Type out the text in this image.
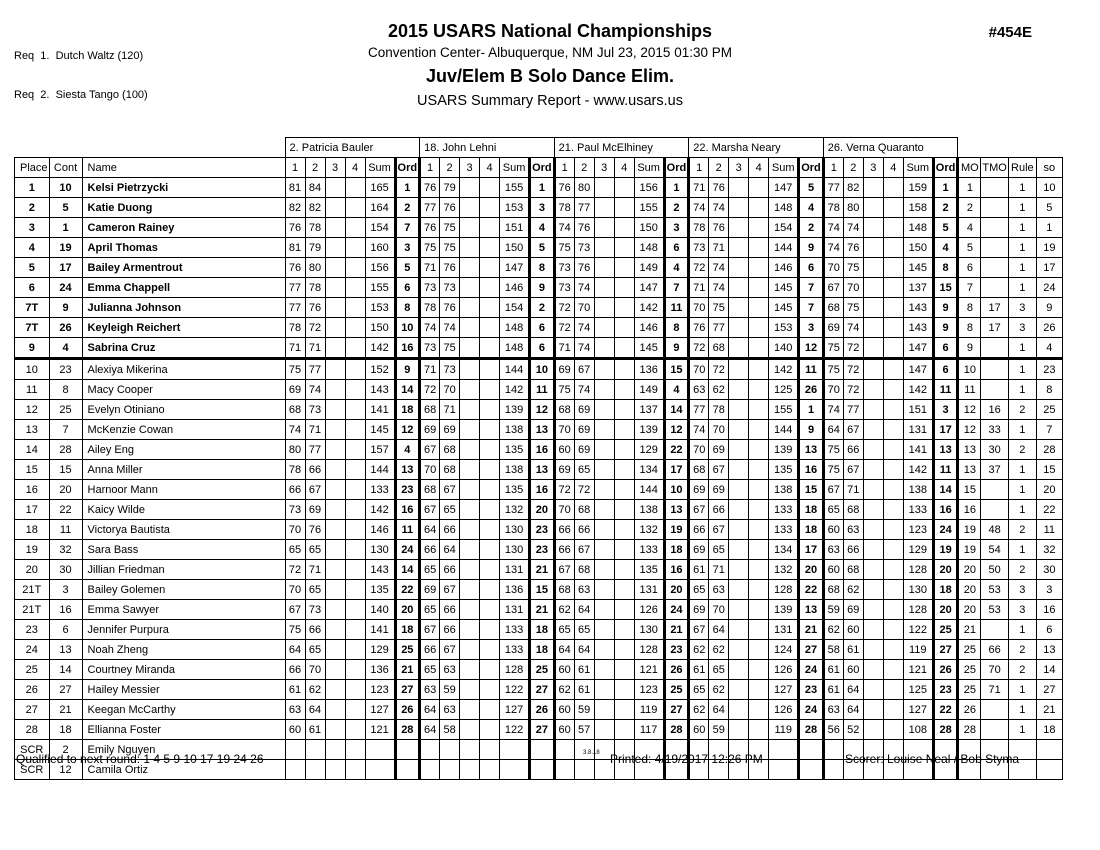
Req  1.  Dutch Waltz (120)

Req  2.  Siesta Tango (100)

2015 USARS National Championships
Convention Center- Albuquerque, NM Jul 23, 2015 01:30 PM
Juv/Elem B Solo Dance Elim.
USARS Summary Report - www.usars.us
#454E
			2. Patricia Bauler						18. John Lehni						21. Paul McElhiney						22. Marsha Neary						26. Verna Quaranto									
Place	Cont	Name	1	2	3	4	Sum	Ord	1	2	3	4	Sum	Ord	1	2	3	4	Sum	Ord	1	2	3	4	Sum	Ord	1	2	3	4	Sum	Ord	MO	TMO	Rule	so
1	10	Kelsi Pietrzycki	81	84			165	1	76	79			155	1	76	80			156	1	71	76			147	5	77	82			159	1	1		1	10
2	5	Katie Duong	82	82			164	2	77	76			153	3	78	77			155	2	74	74			148	4	78	80			158	2	2		1	5
3	1	Cameron Rainey	76	78			154	7	76	75			151	4	74	76			150	3	78	76			154	2	74	74			148	5	4		1	1
4	19	April Thomas	81	79			160	3	75	75			150	5	75	73			148	6	73	71			144	9	74	76			150	4	5		1	19
5	17	Bailey Armentrout	76	80			156	5	71	76			147	8	73	76			149	4	72	74			146	6	70	75			145	8	6		1	17
6	24	Emma Chappell	77	78			155	6	73	73			146	9	73	74			147	7	71	74			145	7	67	70			137	15	7		1	24
7T	9	Julianna Johnson	77	76			153	8	78	76			154	2	72	70			142	11	70	75			145	7	68	75			143	9	8	17	3	9
7T	26	Keyleigh Reichert	78	72			150	10	74	74			148	6	72	74			146	8	76	77			153	3	69	74			143	9	8	17	3	26
9	4	Sabrina Cruz	71	71			142	16	73	75			148	6	71	74			145	9	72	68			140	12	75	72			147	6	9		1	4
10	23	Alexiya Mikerina	75	77			152	9	71	73			144	10	69	67			136	15	70	72			142	11	75	72			147	6	10		1	23
11	8	Macy Cooper	69	74			143	14	72	70			142	11	75	74			149	4	63	62			125	26	70	72			142	11	11		1	8
12	25	Evelyn Otiniano	68	73			141	18	68	71			139	12	68	69			137	14	77	78			155	1	74	77			151	3	12	16	2	25
13	7	McKenzie Cowan	74	71			145	12	69	69			138	13	70	69			139	12	74	70			144	9	64	67			131	17	12	33	1	7
14	28	Ailey Eng	80	77			157	4	67	68			135	16	60	69			129	22	70	69			139	13	75	66			141	13	13	30	2	28
15	15	Anna Miller	78	66			144	13	70	68			138	13	69	65			134	17	68	67			135	16	75	67			142	11	13	37	1	15
16	20	Harnoor Mann	66	67			133	23	68	67			135	16	72	72			144	10	69	69			138	15	67	71			138	14	15		1	20
17	22	Kaicy Wilde	73	69			142	16	67	65			132	20	70	68			138	13	67	66			133	18	65	68			133	16	16		1	22
18	11	Victorya Bautista	70	76			146	11	64	66			130	23	66	66			132	19	66	67			133	18	60	63			123	24	19	48	2	11
19	32	Sara Bass	65	65			130	24	66	64			130	23	66	67			133	18	69	65			134	17	63	66			129	19	19	54	1	32
20	30	Jillian Friedman	72	71			143	14	65	66			131	21	67	68			135	16	61	71			132	20	60	68			128	20	20	50	2	30
21T	3	Bailey Golemen	70	65			135	22	69	67			136	15	68	63			131	20	65	63			128	22	68	62			130	18	20	53	3	3
21T	16	Emma Sawyer	67	73			140	20	65	66			131	21	62	64			126	24	69	70			139	13	59	69			128	20	20	53	3	16
23	6	Jennifer Purpura	75	66			141	18	67	66			133	18	65	65			130	21	67	64			131	21	62	60			122	25	21		1	6
24	13	Noah Zheng	64	65			129	25	66	67			133	18	64	64			128	23	62	62			124	27	58	61			119	27	25	66	2	13
25	14	Courtney Miranda	66	70			136	21	65	63			128	25	60	61			121	26	61	65			126	24	61	60			121	26	25	70	2	14
26	27	Hailey Messier	61	62			123	27	63	59			122	27	62	61			123	25	65	62			127	23	61	64			125	23	25	71	1	27
27	21	Keegan McCarthy	63	64			127	26	64	63			127	26	60	59			119	27	62	64			126	24	63	64			127	22	26		1	21
28	18	Ellianna Foster	60	61			121	28	64	58			122	27	60	57			117	28	60	59			119	28	56	52			108	28	28		1	18
SCR	2	Emily Nguyen																																		
SCR	12	Camila Ortiz																																		
Qualified to next round: 1 4 5 9 10 17 19 24 26	3.8.18 Printed: 4/19/2017 12:26 PM	Scorer: Louise Neal / Bob Styma
